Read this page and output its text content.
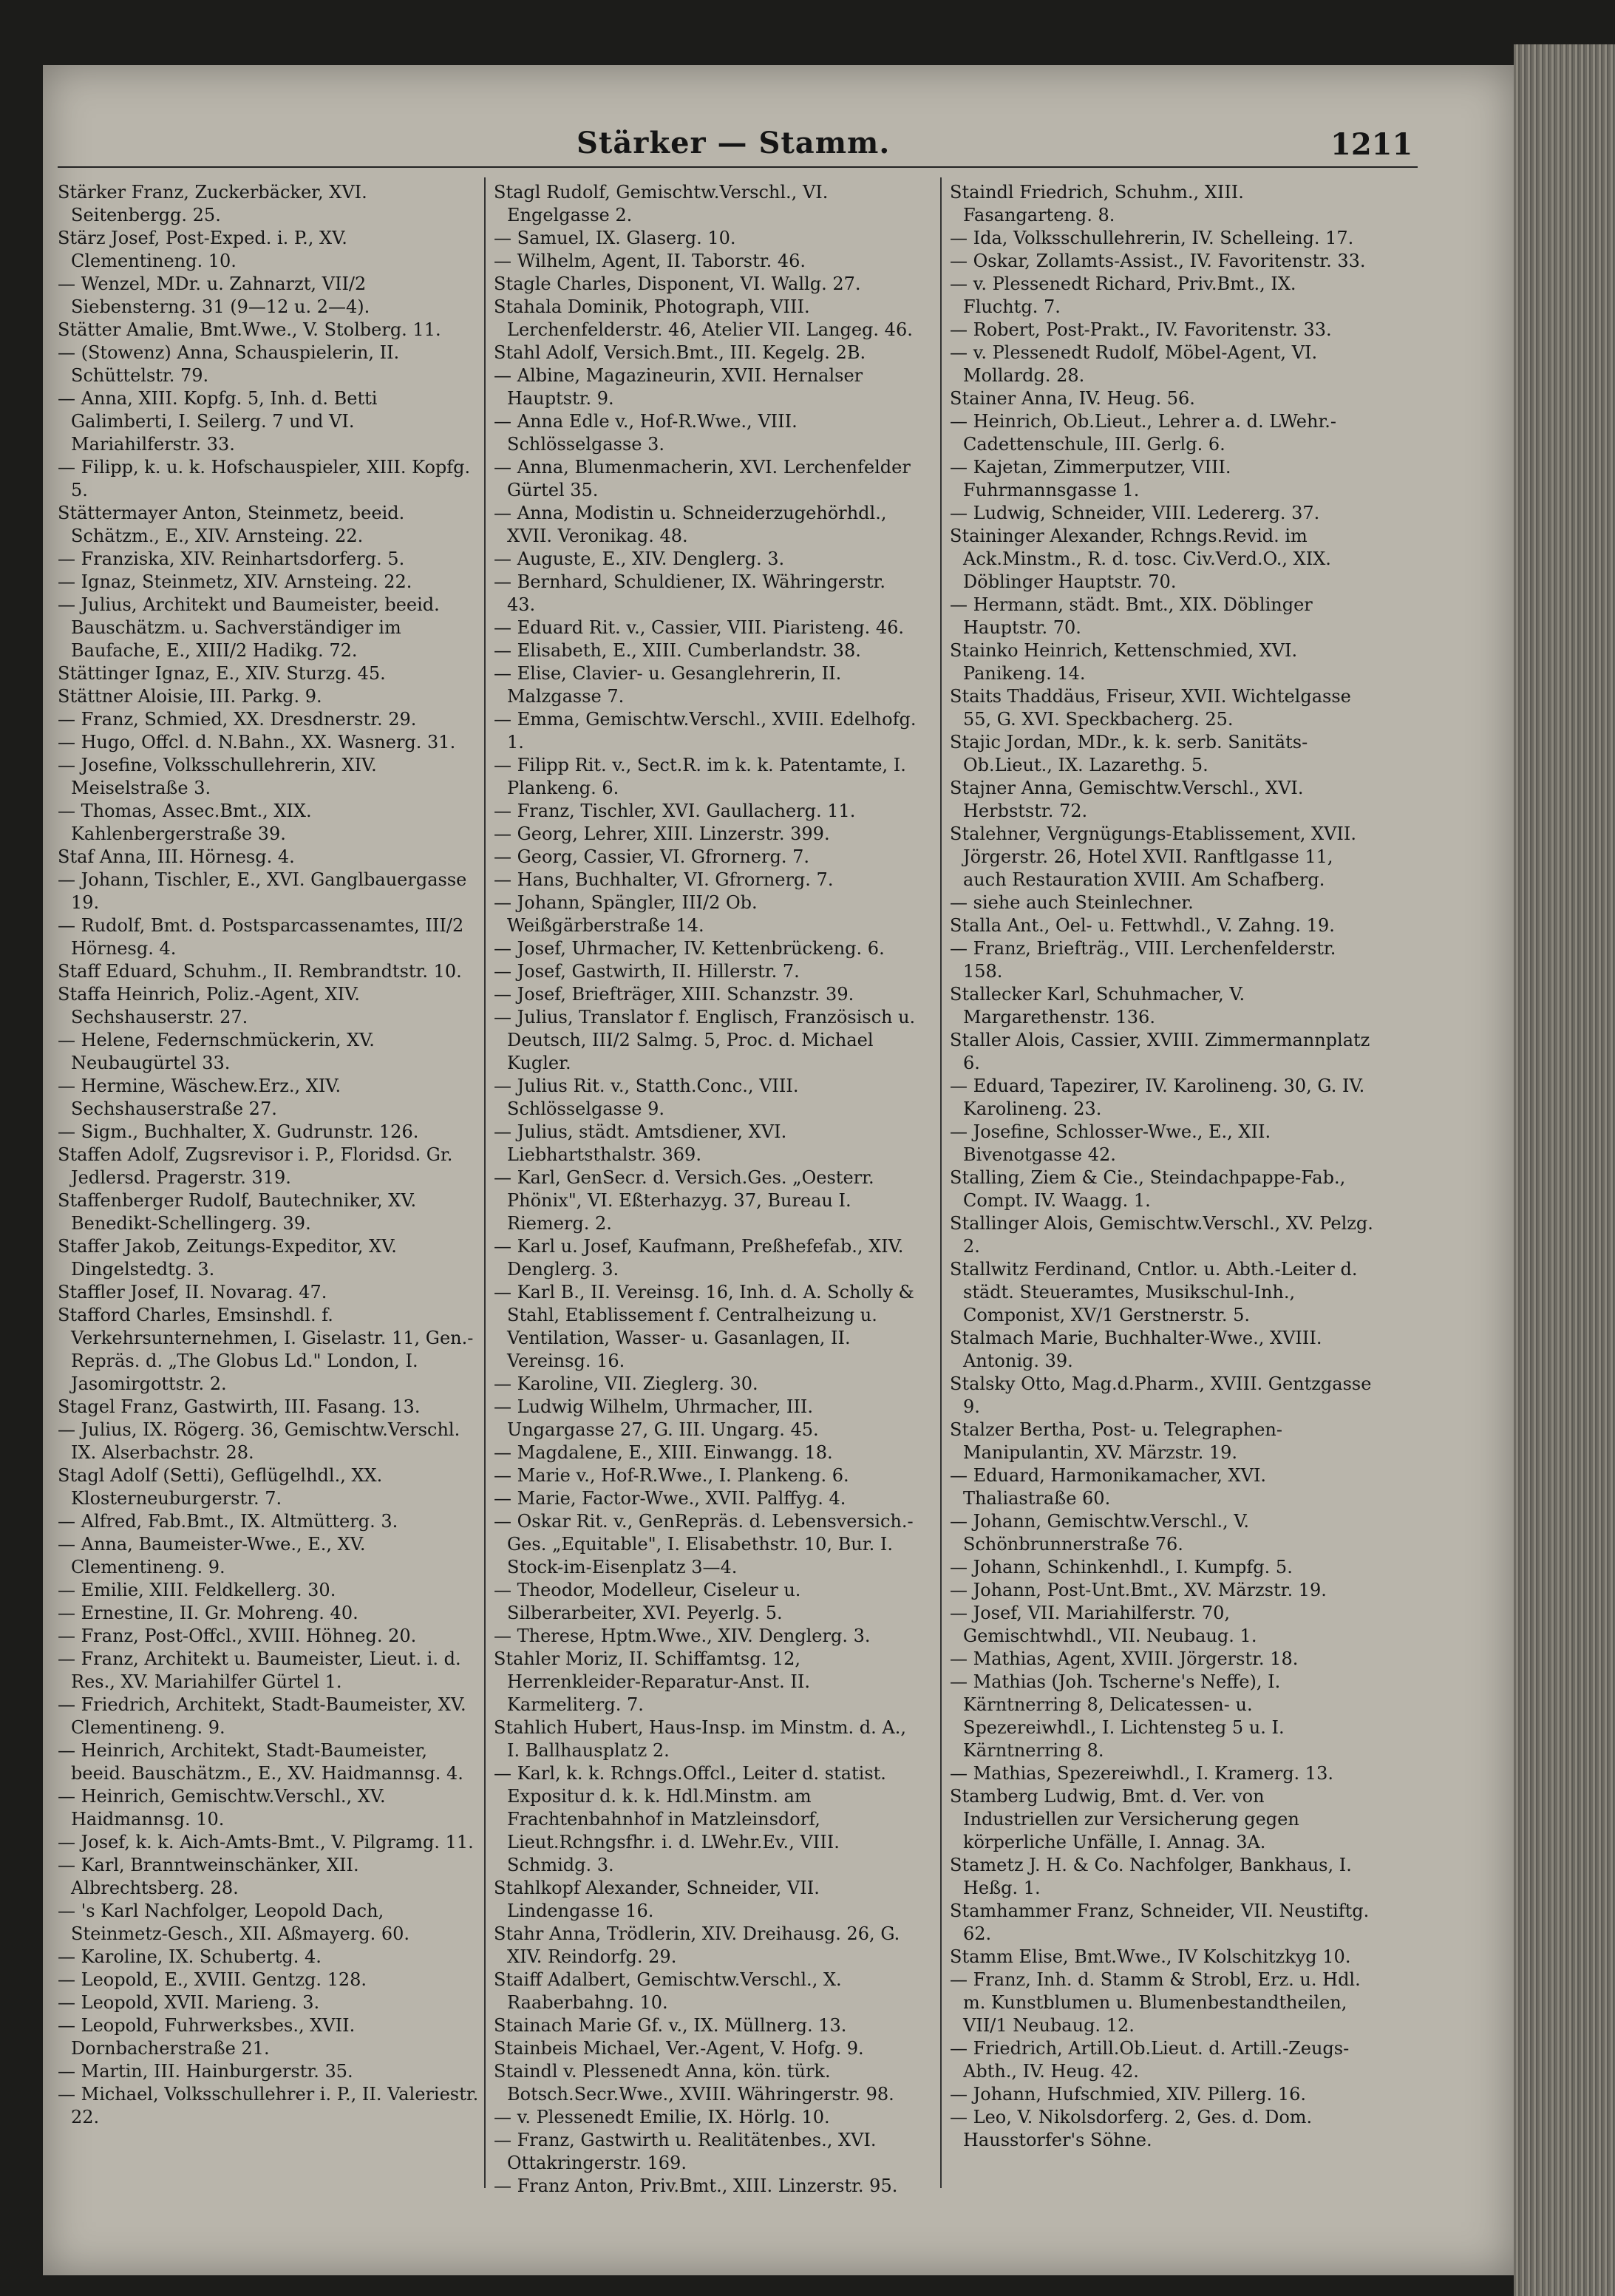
Stärker — Stamm.	1211

Stärker Franz, Zuckerbäcker, XVI. Seitenbergg. 25.

Stärz Josef, Post-Exped. i. P., XV. Clementineng. 10.

— Wenzel, MDr. u. Zahnarzt, VII/2 Siebensterng. 31 (9—12 u. 2—4).

Stätter Amalie, Bmt.Wwe., V. Stolberg. 11.

— (Stowenz) Anna, Schauspielerin, II. Schüttelstr. 79.

— Anna, XIII. Kopfg. 5, Inh. d. Betti Galimberti, I. Seilerg. 7 und VI. Mariahilferstr. 33.

— Filipp, k. u. k. Hofschauspieler, XIII. Kopfg. 5.

Stättermayer Anton, Steinmetz, beeid. Schätzm., E., XIV. Arnsteing. 22.

— Franziska, XIV. Reinhartsdorferg. 5.

— Ignaz, Steinmetz, XIV. Arnsteing. 22.

— Julius, Architekt und Baumeister, beeid. Bauschätzm. u. Sachverständiger im Baufache, E., XIII/2 Hadikg. 72.

Stättinger Ignaz, E., XIV. Sturzg. 45.

Stättner Aloisie, III. Parkg. 9.

— Franz, Schmied, XX. Dresdnerstr. 29.

— Hugo, Offcl. d. N.Bahn., XX. Wasnerg. 31.

— Josefine, Volksschullehrerin, XIV. Meiselstraße 3.

— Thomas, Assec.Bmt., XIX. Kahlenbergerstraße 39.

Staf Anna, III. Hörnesg. 4.

— Johann, Tischler, E., XVI. Ganglbauergasse 19.

— Rudolf, Bmt. d. Postsparcassenamtes, III/2 Hörnesg. 4.

Staff Eduard, Schuhm., II. Rembrandtstr. 10.

Staffa Heinrich, Poliz.-Agent, XIV. Sechshauserstr. 27.

— Helene, Federnschmückerin, XV. Neubaugürtel 33.

— Hermine, Wäschew.Erz., XIV. Sechshauserstraße 27.

— Sigm., Buchhalter, X. Gudrunstr. 126.

Staffen Adolf, Zugsrevisor i. P., Floridsd. Gr. Jedlersd. Pragerstr. 319.

Staffenberger Rudolf, Bautechniker, XV. Benedikt-Schellingerg. 39.

Staffer Jakob, Zeitungs-Expeditor, XV. Dingelstedtg. 3.

Staffler Josef, II. Novarag. 47.

Stafford Charles, Emsinshdl. f. Verkehrsunternehmen, I. Giselastr. 11, Gen.-Repräs. d. „The Globus Ld." London, I. Jasomirgottstr. 2.

Stagel Franz, Gastwirth, III. Fasang. 13.

— Julius, IX. Rögerg. 36, Gemischtw.Verschl. IX. Alserbachstr. 28.

Stagl Adolf (Setti), Geflügelhdl., XX. Klosterneuburgerstr. 7.

— Alfred, Fab.Bmt., IX. Altmütterg. 3.

— Anna, Baumeister-Wwe., E., XV. Clementineng. 9.

— Emilie, XIII. Feldkellerg. 30.

— Ernestine, II. Gr. Mohreng. 40.

— Franz, Post-Offcl., XVIII. Höhneg. 20.

— Franz, Architekt u. Baumeister, Lieut. i. d. Res., XV. Mariahilfer Gürtel 1.

— Friedrich, Architekt, Stadt-Baumeister, XV. Clementineng. 9.

— Heinrich, Architekt, Stadt-Baumeister, beeid. Bauschätzm., E., XV. Haidmannsg. 4.

— Heinrich, Gemischtw.Verschl., XV. Haidmannsg. 10.

— Josef, k. k. Aich-Amts-Bmt., V. Pilgramg. 11.

— Karl, Branntweinschänker, XII. Albrechtsberg. 28.

— 's Karl Nachfolger, Leopold Dach, Steinmetz-Gesch., XII. Aßmayerg. 60.

— Karoline, IX. Schubertg. 4.

— Leopold, E., XVIII. Gentzg. 128.

— Leopold, XVII. Marieng. 3.

— Leopold, Fuhrwerksbes., XVII. Dornbacherstraße 21.

— Martin, III. Hainburgerstr. 35.

— Michael, Volksschullehrer i. P., II. Valeriestr. 22.

Stagl Rudolf, Gemischtw.Verschl., VI. Engelgasse 2.

— Samuel, IX. Glaserg. 10.

— Wilhelm, Agent, II. Taborstr. 46.

Stagle Charles, Disponent, VI. Wallg. 27.

Stahala Dominik, Photograph, VIII. Lerchenfelderstr. 46, Atelier VII. Langeg. 46.

Stahl Adolf, Versich.Bmt., III. Kegelg. 2B.

— Albine, Magazineurin, XVII. Hernalser Hauptstr. 9.

— Anna Edle v., Hof-R.Wwe., VIII. Schlösselgasse 3.

— Anna, Blumenmacherin, XVI. Lerchenfelder Gürtel 35.

— Anna, Modistin u. Schneiderzugehörhdl., XVII. Veronikag. 48.

— Auguste, E., XIV. Denglerg. 3.

— Bernhard, Schuldiener, IX. Währingerstr. 43.

— Eduard Rit. v., Cassier, VIII. Piaristeng. 46.

— Elisabeth, E., XIII. Cumberlandstr. 38.

— Elise, Clavier- u. Gesanglehrerin, II. Malzgasse 7.

— Emma, Gemischtw.Verschl., XVIII. Edelhofg. 1.

— Filipp Rit. v., Sect.R. im k. k. Patentamte, I. Plankeng. 6.

— Franz, Tischler, XVI. Gaullacherg. 11.

— Georg, Lehrer, XIII. Linzerstr. 399.

— Georg, Cassier, VI. Gfrornerg. 7.

— Hans, Buchhalter, VI. Gfrornerg. 7.

— Johann, Spängler, III/2 Ob. Weißgärberstraße 14.

— Josef, Uhrmacher, IV. Kettenbrückeng. 6.

— Josef, Gastwirth, II. Hillerstr. 7.

— Josef, Briefträger, XIII. Schanzstr. 39.

— Julius, Translator f. Englisch, Französisch u. Deutsch, III/2 Salmg. 5, Proc. d. Michael Kugler.

— Julius Rit. v., Statth.Conc., VIII. Schlösselgasse 9.

— Julius, städt. Amtsdiener, XVI. Liebhartsthalstr. 369.

— Karl, GenSecr. d. Versich.Ges. „Oesterr. Phönix", VI. Eßterhazyg. 37, Bureau I. Riemerg. 2.

— Karl u. Josef, Kaufmann, Preßhefefab., XIV. Denglerg. 3.

— Karl B., II. Vereinsg. 16, Inh. d. A. Scholly & Stahl, Etablissement f. Centralheizung u. Ventilation, Wasser- u. Gasanlagen, II. Vereinsg. 16.

— Karoline, VII. Zieglerg. 30.

— Ludwig Wilhelm, Uhrmacher, III. Ungargasse 27, G. III. Ungarg. 45.

— Magdalene, E., XIII. Einwangg. 18.

— Marie v., Hof-R.Wwe., I. Plankeng. 6.

— Marie, Factor-Wwe., XVII. Palffyg. 4.

— Oskar Rit. v., GenRepräs. d. Lebensversich.-Ges. „Equitable", I. Elisabethstr. 10, Bur. I. Stock-im-Eisenplatz 3—4.

— Theodor, Modelleur, Ciseleur u. Silberarbeiter, XVI. Peyerlg. 5.

— Therese, Hptm.Wwe., XIV. Denglerg. 3.

Stahler Moriz, II. Schiffamtsg. 12, Herrenkleider-Reparatur-Anst. II. Karmeliterg. 7.

Stahlich Hubert, Haus-Insp. im Minstm. d. A., I. Ballhausplatz 2.

— Karl, k. k. Rchngs.Offcl., Leiter d. statist. Expositur d. k. k. Hdl.Minstm. am Frachtenbahnhof in Matzleinsdorf, Lieut.Rchngsfhr. i. d. LWehr.Ev., VIII. Schmidg. 3.

Stahlkopf Alexander, Schneider, VII. Lindengasse 16.

Stahr Anna, Trödlerin, XIV. Dreihausg. 26, G. XIV. Reindorfg. 29.

Staiff Adalbert, Gemischtw.Verschl., X. Raaberbahng. 10.

Stainach Marie Gf. v., IX. Müllnerg. 13.

Stainbeis Michael, Ver.-Agent, V. Hofg. 9.

Staindl v. Plessenedt Anna, kön. türk. Botsch.Secr.Wwe., XVIII. Währingerstr. 98.

— v. Plessenedt Emilie, IX. Hörlg. 10.

— Franz, Gastwirth u. Realitätenbes., XVI. Ottakringerstr. 169.

— Franz Anton, Priv.Bmt., XIII. Linzerstr. 95.

Staindl Friedrich, Schuhm., XIII. Fasangarteng. 8.

— Ida, Volksschullehrerin, IV. Schelleing. 17.

— Oskar, Zollamts-Assist., IV. Favoritenstr. 33.

— v. Plessenedt Richard, Priv.Bmt., IX. Fluchtg. 7.

— Robert, Post-Prakt., IV. Favoritenstr. 33.

— v. Plessenedt Rudolf, Möbel-Agent, VI. Mollardg. 28.

Stainer Anna, IV. Heug. 56.

— Heinrich, Ob.Lieut., Lehrer a. d. LWehr.-Cadettenschule, III. Gerlg. 6.

— Kajetan, Zimmerputzer, VIII. Fuhrmannsgasse 1.

— Ludwig, Schneider, VIII. Ledererg. 37.

Staininger Alexander, Rchngs.Revid. im Ack.Minstm., R. d. tosc. Civ.Verd.O., XIX. Döblinger Hauptstr. 70.

— Hermann, städt. Bmt., XIX. Döblinger Hauptstr. 70.

Stainko Heinrich, Kettenschmied, XVI. Panikeng. 14.

Staits Thaddäus, Friseur, XVII. Wichtelgasse 55, G. XVI. Speckbacherg. 25.

Stajic Jordan, MDr., k. k. serb. Sanitäts-Ob.Lieut., IX. Lazarethg. 5.

Stajner Anna, Gemischtw.Verschl., XVI. Herbststr. 72.

Stalehner, Vergnügungs-Etablissement, XVII. Jörgerstr. 26, Hotel XVII. Ranftlgasse 11, auch Restauration XVIII. Am Schafberg.

— siehe auch Steinlechner.

Stalla Ant., Oel- u. Fettwhdl., V. Zahng. 19.

— Franz, Briefträg., VIII. Lerchenfelderstr. 158.

Stallecker Karl, Schuhmacher, V. Margarethenstr. 136.

Staller Alois, Cassier, XVIII. Zimmermannplatz 6.

— Eduard, Tapezirer, IV. Karolineng. 30, G. IV. Karolineng. 23.

— Josefine, Schlosser-Wwe., E., XII. Bivenotgasse 42.

Stalling, Ziem & Cie., Steindachpappe-Fab., Compt. IV. Waagg. 1.

Stallinger Alois, Gemischtw.Verschl., XV. Pelzg. 2.

Stallwitz Ferdinand, Cntlor. u. Abth.-Leiter d. städt. Steueramtes, Musikschul-Inh., Componist, XV/1 Gerstnerstr. 5.

Stalmach Marie, Buchhalter-Wwe., XVIII. Antonig. 39.

Stalsky Otto, Mag.d.Pharm., XVIII. Gentzgasse 9.

Stalzer Bertha, Post- u. Telegraphen-Manipulantin, XV. Märzstr. 19.

— Eduard, Harmonikamacher, XVI. Thaliastraße 60.

— Johann, Gemischtw.Verschl., V. Schönbrunnerstraße 76.

— Johann, Schinkenhdl., I. Kumpfg. 5.

— Johann, Post-Unt.Bmt., XV. Märzstr. 19.

— Josef, VII. Mariahilferstr. 70, Gemischtwhdl., VII. Neubaug. 1.

— Mathias, Agent, XVIII. Jörgerstr. 18.

— Mathias (Joh. Tscherne's Neffe), I. Kärntnerring 8, Delicatessen- u. Spezereiwhdl., I. Lichtensteg 5 u. I. Kärntnerring 8.

— Mathias, Spezereiwhdl., I. Kramerg. 13.

Stamberg Ludwig, Bmt. d. Ver. von Industriellen zur Versicherung gegen körperliche Unfälle, I. Annag. 3A.

Stametz J. H. & Co. Nachfolger, Bankhaus, I. Heßg. 1.

Stamhammer Franz, Schneider, VII. Neustiftg. 62.

Stamm Elise, Bmt.Wwe., IV Kolschitzkyg 10.

— Franz, Inh. d. Stamm & Strobl, Erz. u. Hdl. m. Kunstblumen u. Blumenbestandtheilen, VII/1 Neubaug. 12.

— Friedrich, Artill.Ob.Lieut. d. Artill.-Zeugs-Abth., IV. Heug. 42.

— Johann, Hufschmied, XIV. Pillerg. 16.

— Leo, V. Nikolsdorferg. 2, Ges. d. Dom. Hausstorfer's Söhne.
